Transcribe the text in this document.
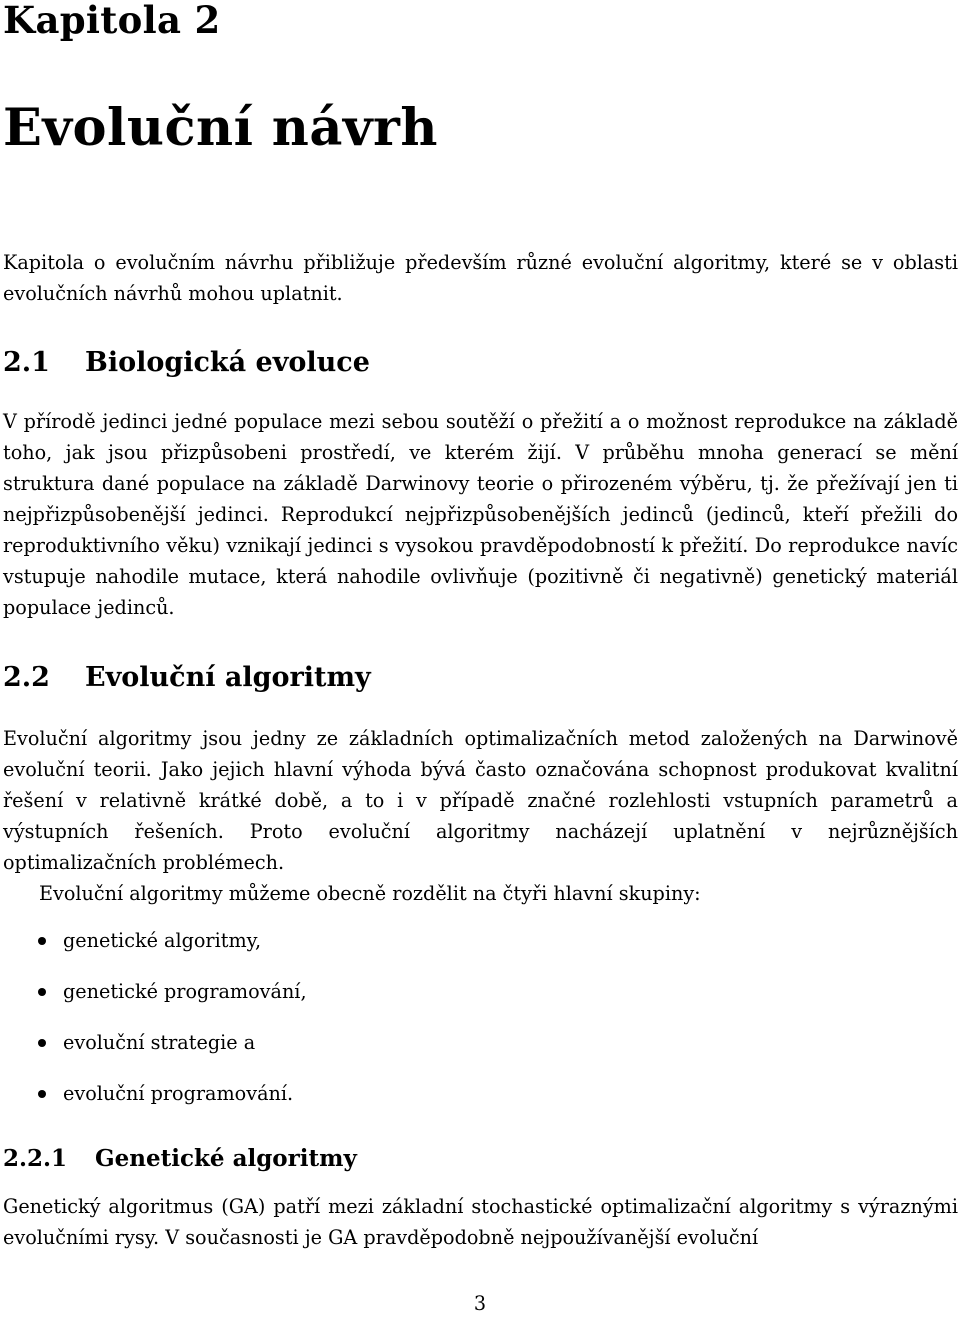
Kapitola 2
Evoluční návrh

Kapitola o evolučním návrhu přibližuje především různé evoluční algoritmy, které se v oblasti evolučních návrhů mohou uplatnit.

2.1 Biologická evoluce

V přírodě jedinci jedné populace mezi sebou soutěží o přežití a o možnost reprodukce na základě toho, jak jsou přizpůsobeni prostředí, ve kterém žijí. V průběhu mnoha generací se mění struktura dané populace na základě Darwinovy teorie o přirozeném výběru, tj. že přežívají jen ti nejpřizpůsobenější jedinci. Reprodukcí nejpřizpůsobenějších jedinců (jedinců, kteří přežili do reproduktivního věku) vznikají jedinci s vysokou pravděpodobností k přežití. Do reprodukce navíc vstupuje nahodile mutace, která nahodile ovlivňuje (pozitivně či negativně) genetický materiál populace jedinců.

2.2 Evoluční algoritmy

Evoluční algoritmy jsou jedny ze základních optimalizačních metod založených na Darwinově evoluční teorii. Jako jejich hlavní výhoda bývá často označována schopnost produkovat kvalitní řešení v relativně krátké době, a to i v případě značné rozlehlosti vstupních parametrů a výstupních řešeních. Proto evoluční algoritmy nacházejí uplatnění v nejrůznějších optimalizačních problémech.

Evoluční algoritmy můžeme obecně rozdělit na čtyři hlavní skupiny:

genetické algoritmy,
genetické programování,
evoluční strategie a
evoluční programování.
2.2.1 Genetické algoritmy

Genetický algoritmus (GA) patří mezi základní stochastické optimalizační algoritmy s výraznými evolučními rysy. V současnosti je GA pravděpodobně nejpoužívanější evoluční

3
